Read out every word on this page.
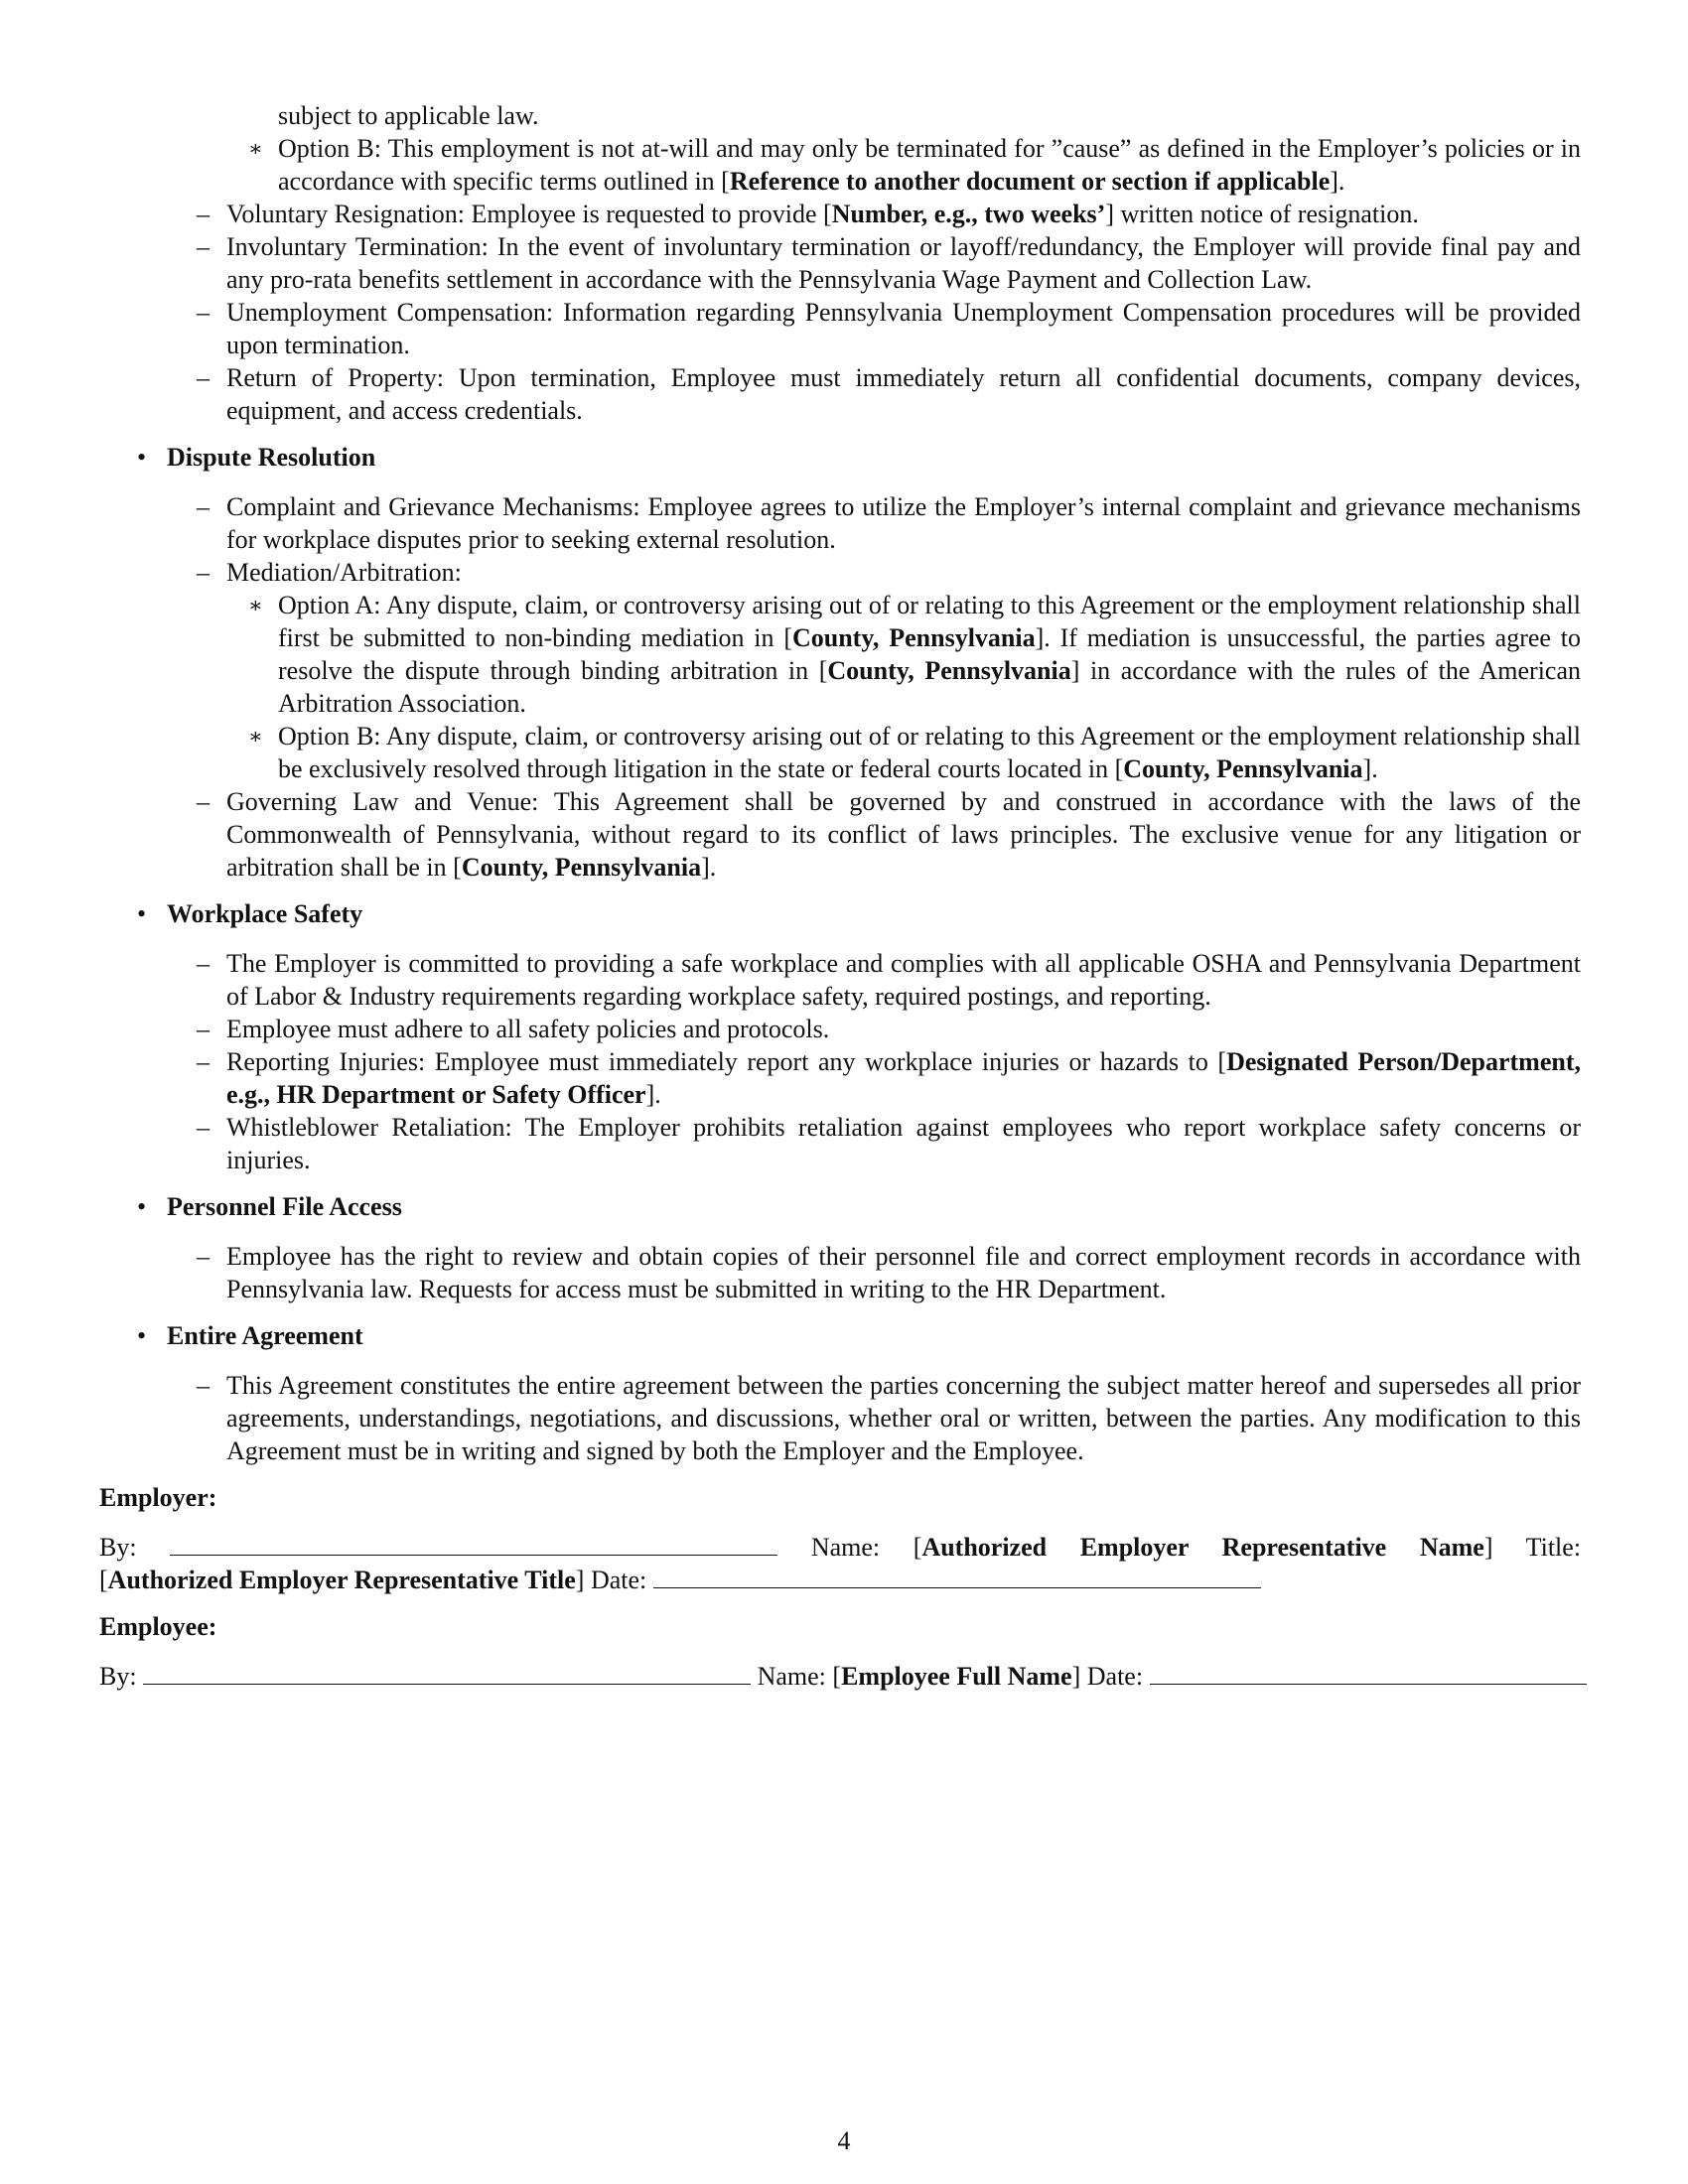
subject to applicable law.
∗ Option B: This employment is not at-will and may only be terminated for ”cause” as defined in the Employer’s policies or in accordance with specific terms outlined in [Reference to another document or section if applicable].
– Voluntary Resignation: Employee is requested to provide [Number, e.g., two weeks’] written notice of resignation.
– Involuntary Termination: In the event of involuntary termination or layoff/redundancy, the Employer will provide final pay and any pro-rata benefits settlement in accordance with the Pennsylvania Wage Payment and Collection Law.
– Unemployment Compensation: Information regarding Pennsylvania Unemployment Compensation procedures will be provided upon termination.
– Return of Property: Upon termination, Employee must immediately return all confidential documents, company devices, equipment, and access credentials.
• Dispute Resolution
– Complaint and Grievance Mechanisms: Employee agrees to utilize the Employer’s internal complaint and grievance mechanisms for workplace disputes prior to seeking external resolution.
– Mediation/Arbitration:
∗ Option A: Any dispute, claim, or controversy arising out of or relating to this Agreement or the employment relationship shall first be submitted to non-binding mediation in [County, Pennsylvania]. If mediation is unsuccessful, the parties agree to resolve the dispute through binding arbitration in [County, Pennsylvania] in accordance with the rules of the American Arbitration Association.
∗ Option B: Any dispute, claim, or controversy arising out of or relating to this Agreement or the employment relationship shall be exclusively resolved through litigation in the state or federal courts located in [County, Pennsylvania].
– Governing Law and Venue: This Agreement shall be governed by and construed in accordance with the laws of the Commonwealth of Pennsylvania, without regard to its conflict of laws principles. The exclusive venue for any litigation or arbitration shall be in [County, Pennsylvania].
• Workplace Safety
– The Employer is committed to providing a safe workplace and complies with all applicable OSHA and Pennsylvania Department of Labor & Industry requirements regarding workplace safety, required postings, and reporting.
– Employee must adhere to all safety policies and protocols.
– Reporting Injuries: Employee must immediately report any workplace injuries or hazards to [Designated Person/Department, e.g., HR Department or Safety Officer].
– Whistleblower Retaliation: The Employer prohibits retaliation against employees who report workplace safety concerns or injuries.
• Personnel File Access
– Employee has the right to review and obtain copies of their personnel file and correct employment records in accordance with Pennsylvania law. Requests for access must be submitted in writing to the HR Department.
• Entire Agreement
– This Agreement constitutes the entire agreement between the parties concerning the subject matter hereof and supersedes all prior agreements, understandings, negotiations, and discussions, whether oral or written, between the parties. Any modification to this Agreement must be in writing and signed by both the Employer and the Employee.
Employer:
By:	Name: [Authorized Employer Representative Name] Title:
[Authorized Employer Representative Title] Date:
Employee:
By:	Name: [Employee Full Name] Date:
4
